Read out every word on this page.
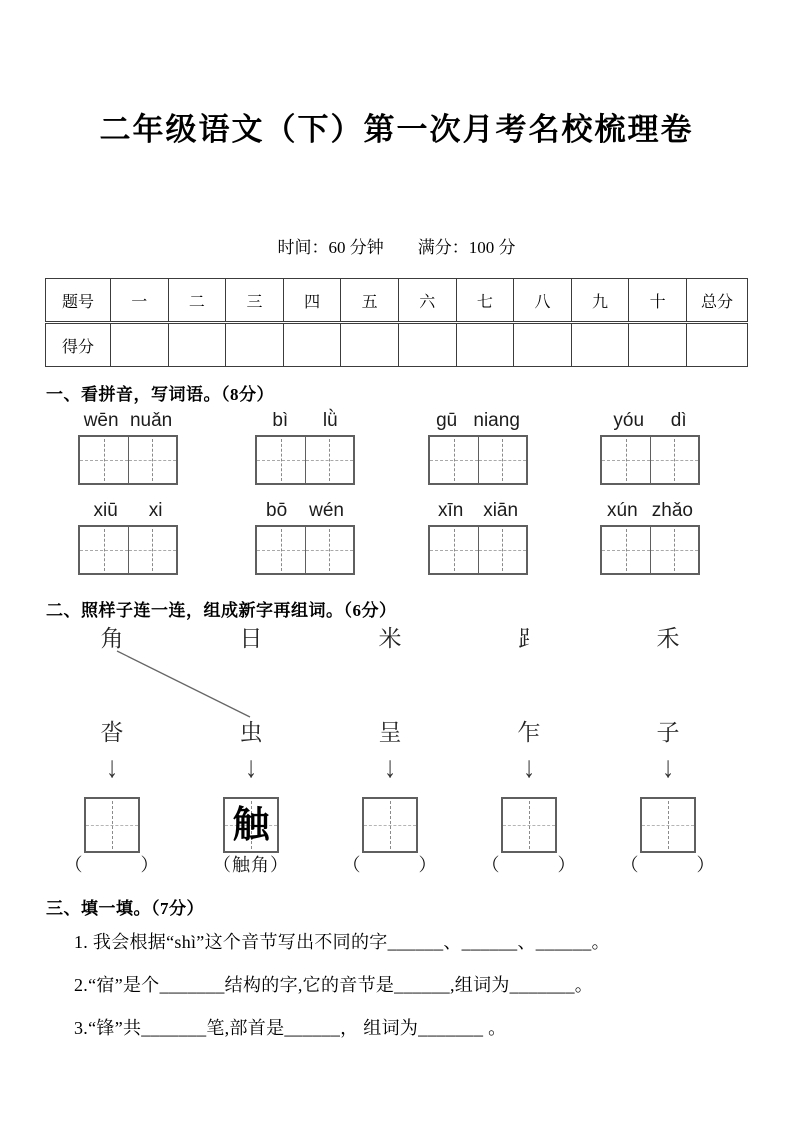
二年级语文（下）第一次月考名校梳理卷
时间：60 分钟 满分：100 分
题号	一	二	三	四	五	六	七	八	九	十	总分
得分											
一、看拼音，写词语。（8分）
wēn nuǎn	bì lǜ	gū niang	yóu dì
xiū xi	bō wén	xīn xiān	xún zhǎo
二、照样子连一连，组成新字再组词。（6分）
角	日	米	⻊	禾
沓	虫	呈	乍	子
↓	↓	↓	↓	↓
触
（　　　）	（触角）	（　　　）	（　　　）	（　　　）
三、填一填。（7分）
1. 我会根据“shì”这个音节写出不同的字______、______、______。
2.“宿”是个_______结构的字,它的音节是______,组词为_______。
3.“锋”共_______笔,部首是______， 组词为_______ 。
